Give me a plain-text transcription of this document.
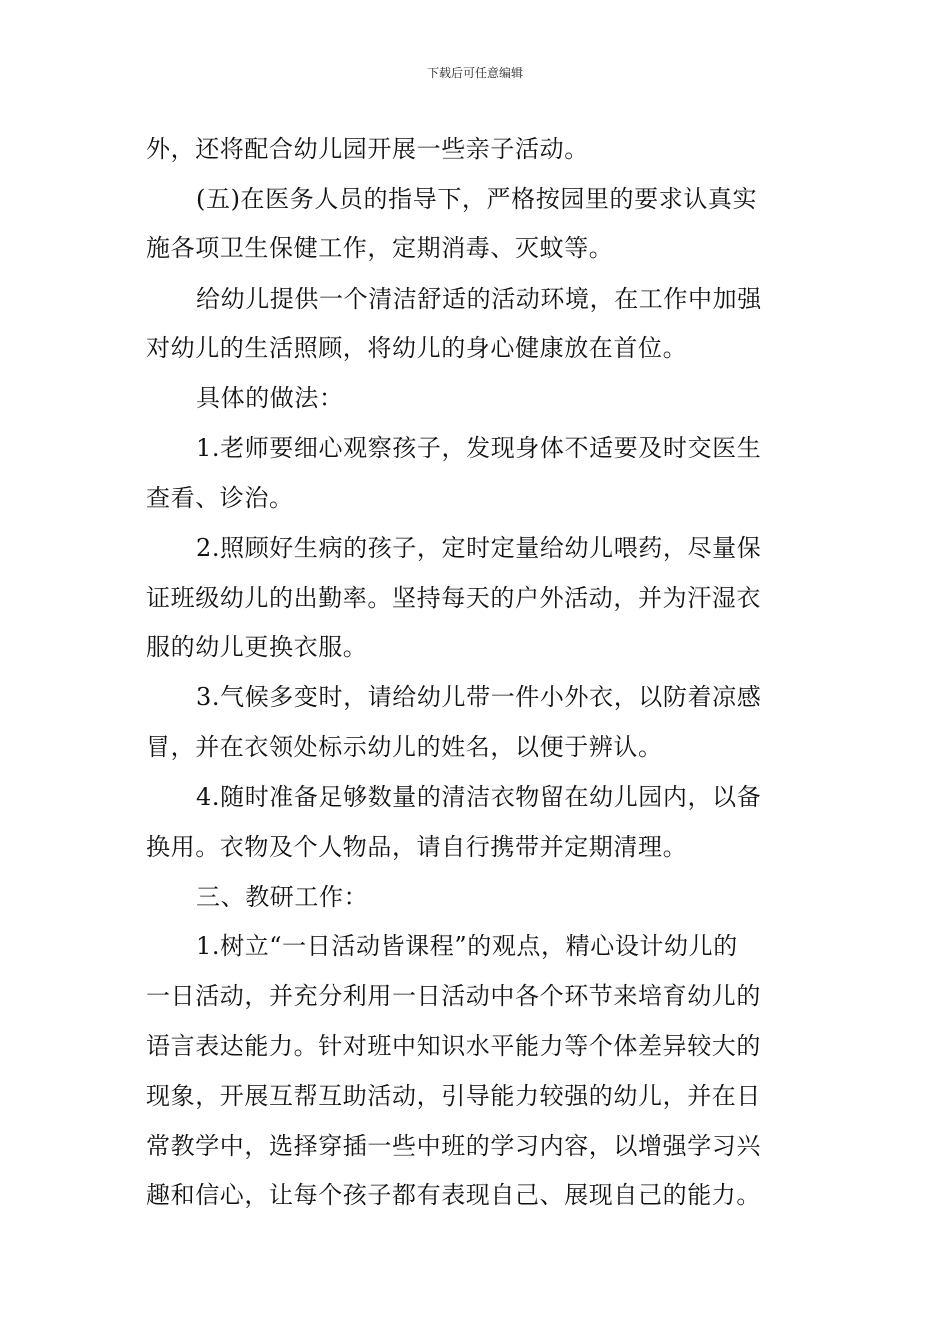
下载后可任意编辑
外，还将配合幼儿园开展一些亲子活动。
(五)在医务人员的指导下，严格按园里的要求认真实
施各项卫生保健工作，定期消毒、灭蚊等。
给幼儿提供一个清洁舒适的活动环境，在工作中加强
对幼儿的生活照顾，将幼儿的身心健康放在首位。
具体的做法：
1.老师要细心观察孩子，发现身体不适要及时交医生
查看、诊治。
2.照顾好生病的孩子，定时定量给幼儿喂药，尽量保
证班级幼儿的出勤率。坚持每天的户外活动，并为汗湿衣
服的幼儿更换衣服。
3.气候多变时，请给幼儿带一件小外衣，以防着凉感
冒，并在衣领处标示幼儿的姓名，以便于辨认。
4.随时准备足够数量的清洁衣物留在幼儿园内，以备
换用。衣物及个人物品，请自行携带并定期清理。
三、教研工作：
1.树立“一日活动皆课程”的观点，精心设计幼儿的
一日活动，并充分利用一日活动中各个环节来培育幼儿的
语言表达能力。针对班中知识水平能力等个体差异较大的
现象，开展互帮互助活动，引导能力较强的幼儿，并在日
常教学中，选择穿插一些中班的学习内容，以增强学习兴
趣和信心，让每个孩子都有表现自己、展现自己的能力。
